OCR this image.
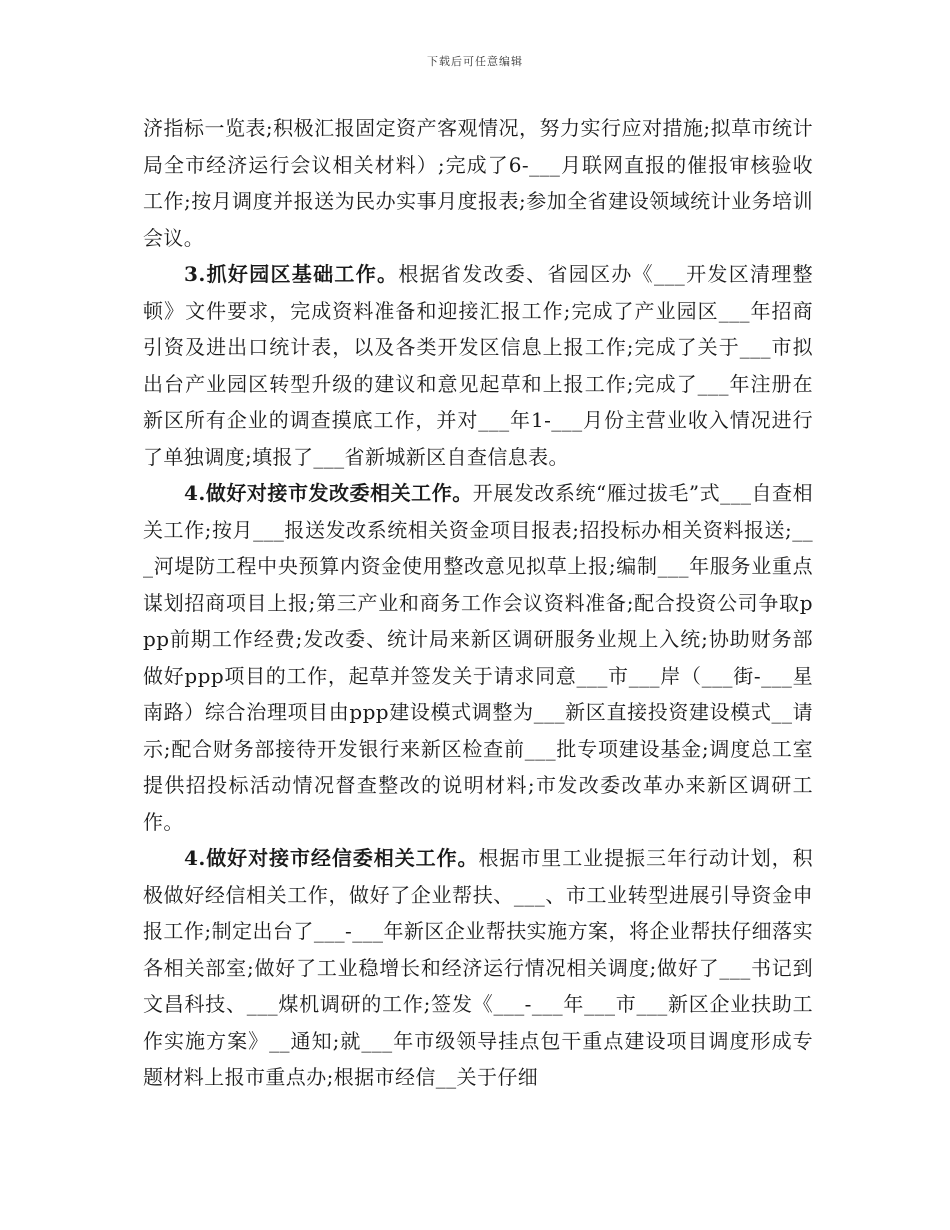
下载后可任意编辑

济指标一览表;积极汇报固定资产客观情况，努力实行应对措施;拟草市统计局全市经济运行会议相关材料）;完成了6-___月联网直报的催报审核验收工作;按月调度并报送为民办实事月度报表;参加全省建设领域统计业务培训会议。

3.抓好园区基础工作。根据省发改委、省园区办《___开发区清理整顿》文件要求，完成资料准备和迎接汇报工作;完成了产业园区___年招商引资及进出口统计表，以及各类开发区信息上报工作;完成了关于___市拟出台产业园区转型升级的建议和意见起草和上报工作;完成了___年注册在新区所有企业的调查摸底工作，并对___年1-___月份主营业收入情况进行了单独调度;填报了___省新城新区自查信息表。

4.做好对接市发改委相关工作。开展发改系统“雁过拔毛”式___自查相关工作;按月___报送发改系统相关资金项目报表;招投标办相关资料报送;___河堤防工程中央预算内资金使用整改意见拟草上报;编制___年服务业重点谋划招商项目上报;第三产业和商务工作会议资料准备;配合投资公司争取ppp前期工作经费;发改委、统计局来新区调研服务业规上入统;协助财务部做好ppp项目的工作，起草并签发关于请求同意___市___岸（___街-___星南路）综合治理项目由ppp建设模式调整为___新区直接投资建设模式__请示;配合财务部接待开发银行来新区检查前___批专项建设基金;调度总工室提供招投标活动情况督查整改的说明材料;市发改委改革办来新区调研工作。

4.做好对接市经信委相关工作。根据市里工业提振三年行动计划，积极做好经信相关工作，做好了企业帮扶、___、市工业转型进展引导资金申报工作;制定出台了___-___年新区企业帮扶实施方案，将企业帮扶仔细落实各相关部室;做好了工业稳增长和经济运行情况相关调度;做好了___书记到文昌科技、___煤机调研的工作;签发《___-___年___市___新区企业扶助工作实施方案》__通知;就___年市级领导挂点包干重点建设项目调度形成专题材料上报市重点办;根据市经信__关于仔细
